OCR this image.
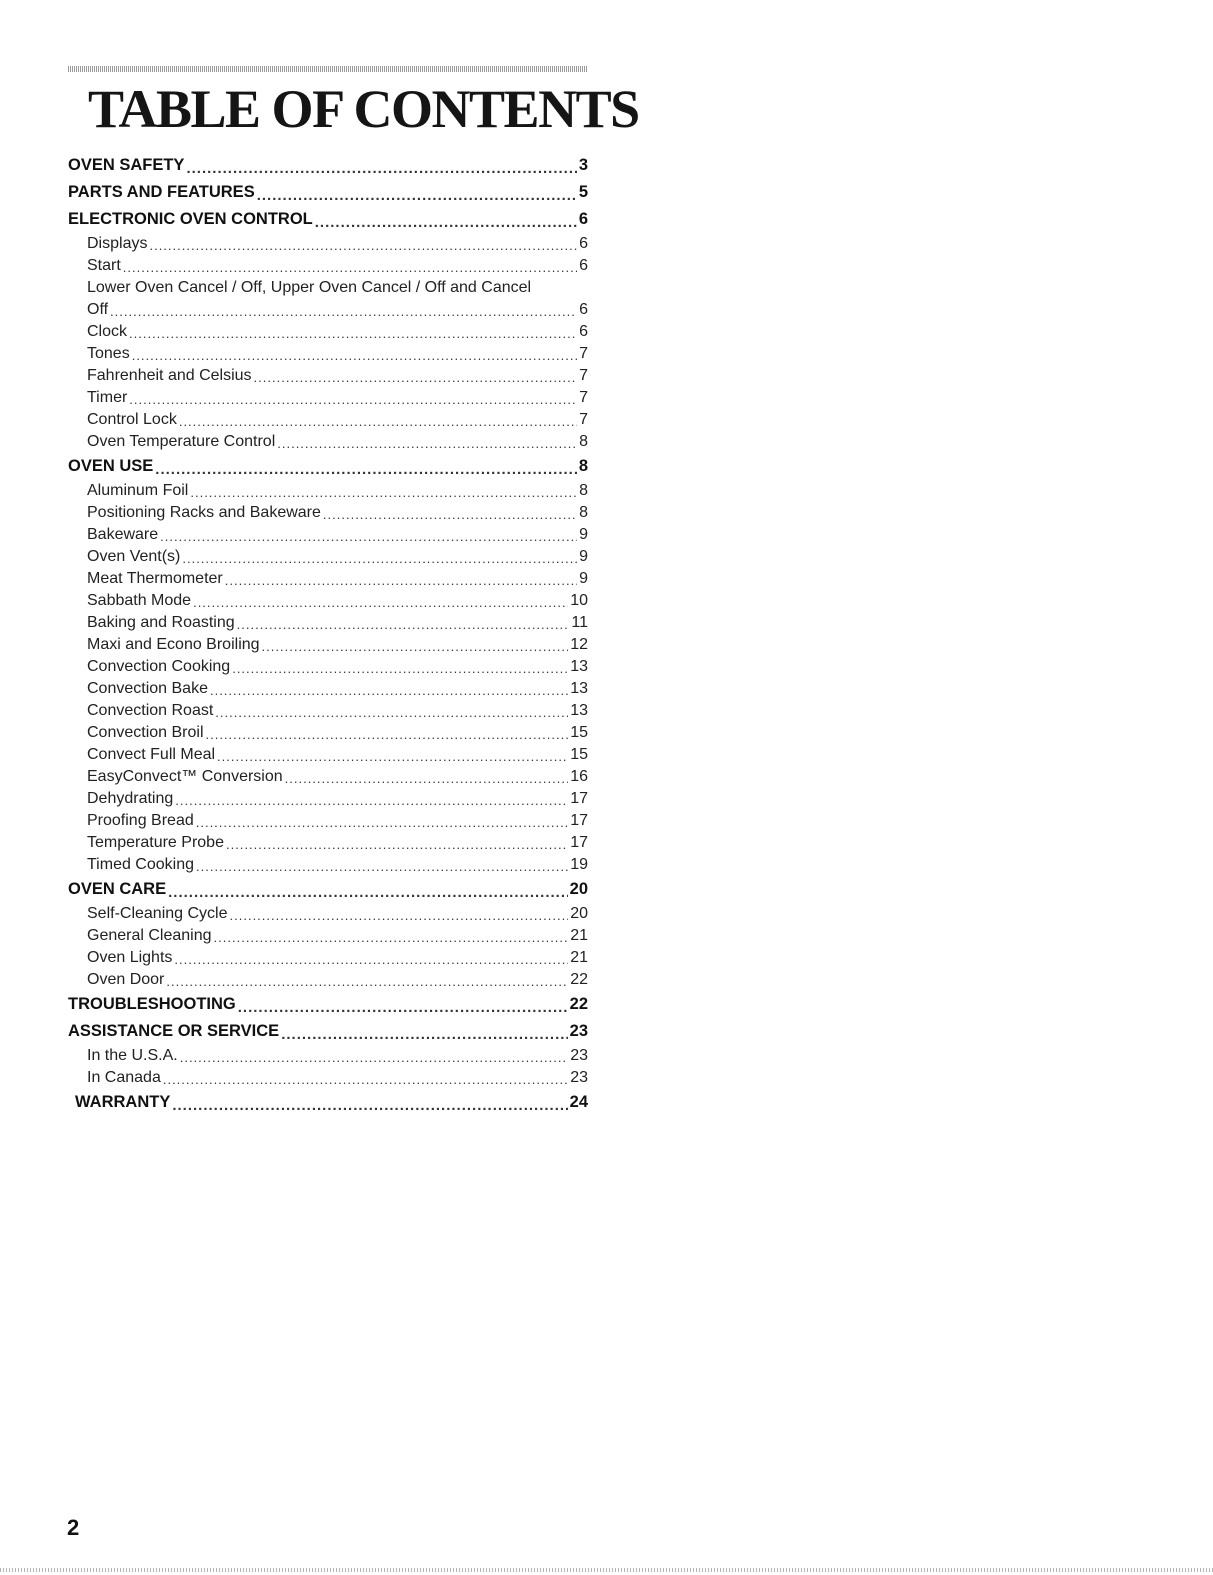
TABLE OF CONTENTS
OVEN SAFETY .....	3
PARTS AND FEATURES .....	5
ELECTRONIC OVEN CONTROL .....	6
Displays .....	6
Start .....	6
Lower Oven Cancel / Off, Upper Oven Cancel / Off and Cancel
Off .....	6
Clock .....	6
Tones .....	7
Fahrenheit and Celsius .....	7
Timer .....	7
Control Lock .....	7
Oven Temperature Control .....	8
OVEN USE .....	8
Aluminum Foil .....	8
Positioning Racks and Bakeware .....	8
Bakeware .....	9
Oven Vent(s) .....	9
Meat Thermometer .....	9
Sabbath Mode .....	10
Baking and Roasting .....	11
Maxi and Econo Broiling .....	12
Convection Cooking .....	13
Convection Bake .....	13
Convection Roast .....	13
Convection Broil .....	15
Convect Full Meal .....	15
EasyConvect™ Conversion .....	16
Dehydrating .....	17
Proofing Bread .....	17
Temperature Probe .....	17
Timed Cooking .....	19
OVEN CARE .....	20
Self-Cleaning Cycle .....	20
General Cleaning .....	21
Oven Lights .....	21
Oven Door .....	22
TROUBLESHOOTING .....	22
ASSISTANCE OR SERVICE .....	23
In the U.S.A. .....	23
In Canada .....	23
WARRANTY .....	24
2
